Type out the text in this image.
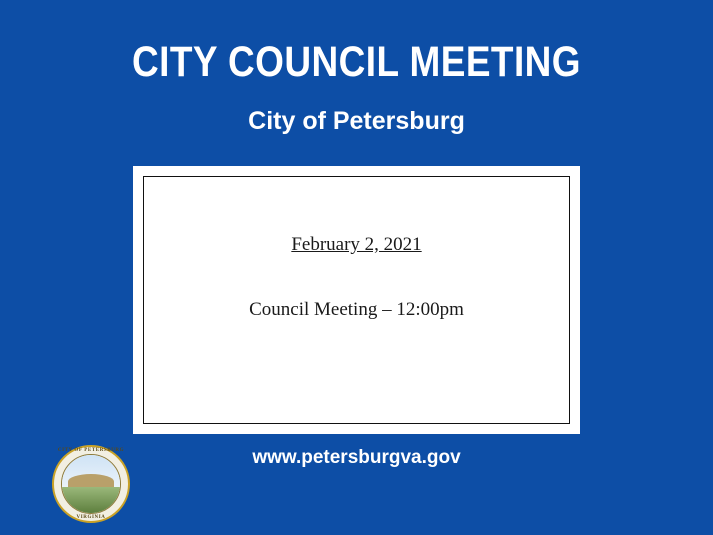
CITY COUNCIL MEETING
City of Petersburg
February 2, 2021
Council Meeting – 12:00pm
www.petersburgva.gov
CITY OF PETERSBURG
VIRGINIA
